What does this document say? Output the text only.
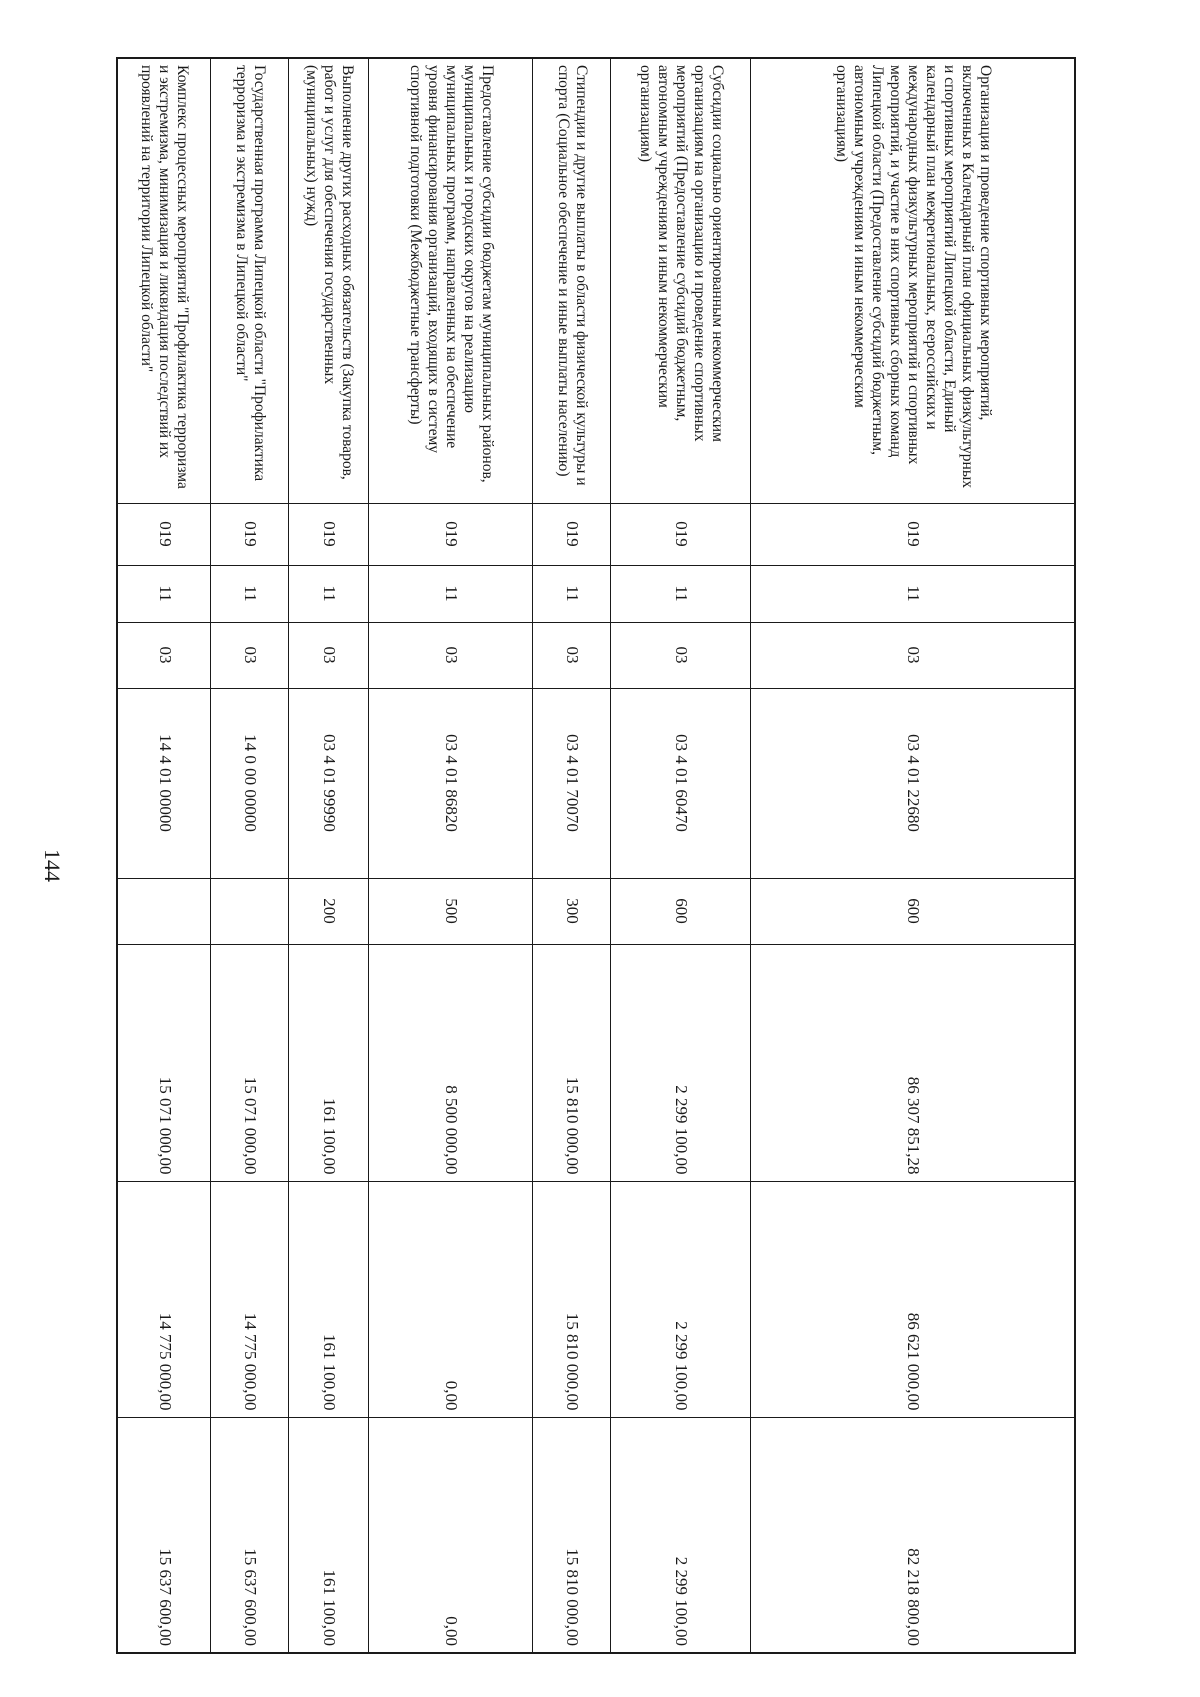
144
Организация и проведение спортивных мероприятий, включенных в Календарный план официальных физкультурных и спортивных мероприятий Липецкой области, Единый календарный план межрегиональных, всероссийских и международных физкультурных мероприятий и спортивных мероприятий, и участие в них спортивных сборных команд Липецкой области (Предоставление субсидий бюджетным, автономным учреждениям и иным некоммерческим организациям)	019	11	03	03 4 01 22680	600	86 307 851,28	86 621 000,00	82 218 800,00
Субсидии социально ориентированным некоммерческим организациям на организацию и проведение спортивных мероприятий (Предоставление субсидий бюджетным, автономным учреждениям и иным некоммерческим организациям)	019	11	03	03 4 01 60470	600	2 299 100,00	2 299 100,00	2 299 100,00
Стипендии и другие выплаты в области физической культуры и спорта (Социальное обеспечение и иные выплаты населению)	019	11	03	03 4 01 70070	300	15 810 000,00	15 810 000,00	15 810 000,00
Предоставление субсидии бюджетам муниципальных районов, муниципальных и городских округов на реализацию муниципальных программ, направленных на обеспечение уровня финансирования организаций, входящих в систему спортивной подготовки (Межбюджетные трансферты)	019	11	03	03 4 01 86820	500	8 500 000,00	0,00	0,00
Выполнение других расходных обязательств (Закупка товаров, работ и услуг для обеспечения государственных (муниципальных) нужд)	019	11	03	03 4 01 99990	200	161 100,00	161 100,00	161 100,00
Государственная программа Липецкой области "Профилактика терроризма и экстремизма в Липецкой области"	019	11	03	14 0 00 00000		15 071 000,00	14 775 000,00	15 637 600,00
Комплекс процессных мероприятий "Профилактика терроризма и экстремизма, минимизация и ликвидация последствий их проявлений на территории Липецкой области"	019	11	03	14 4 01 00000		15 071 000,00	14 775 000,00	15 637 600,00
